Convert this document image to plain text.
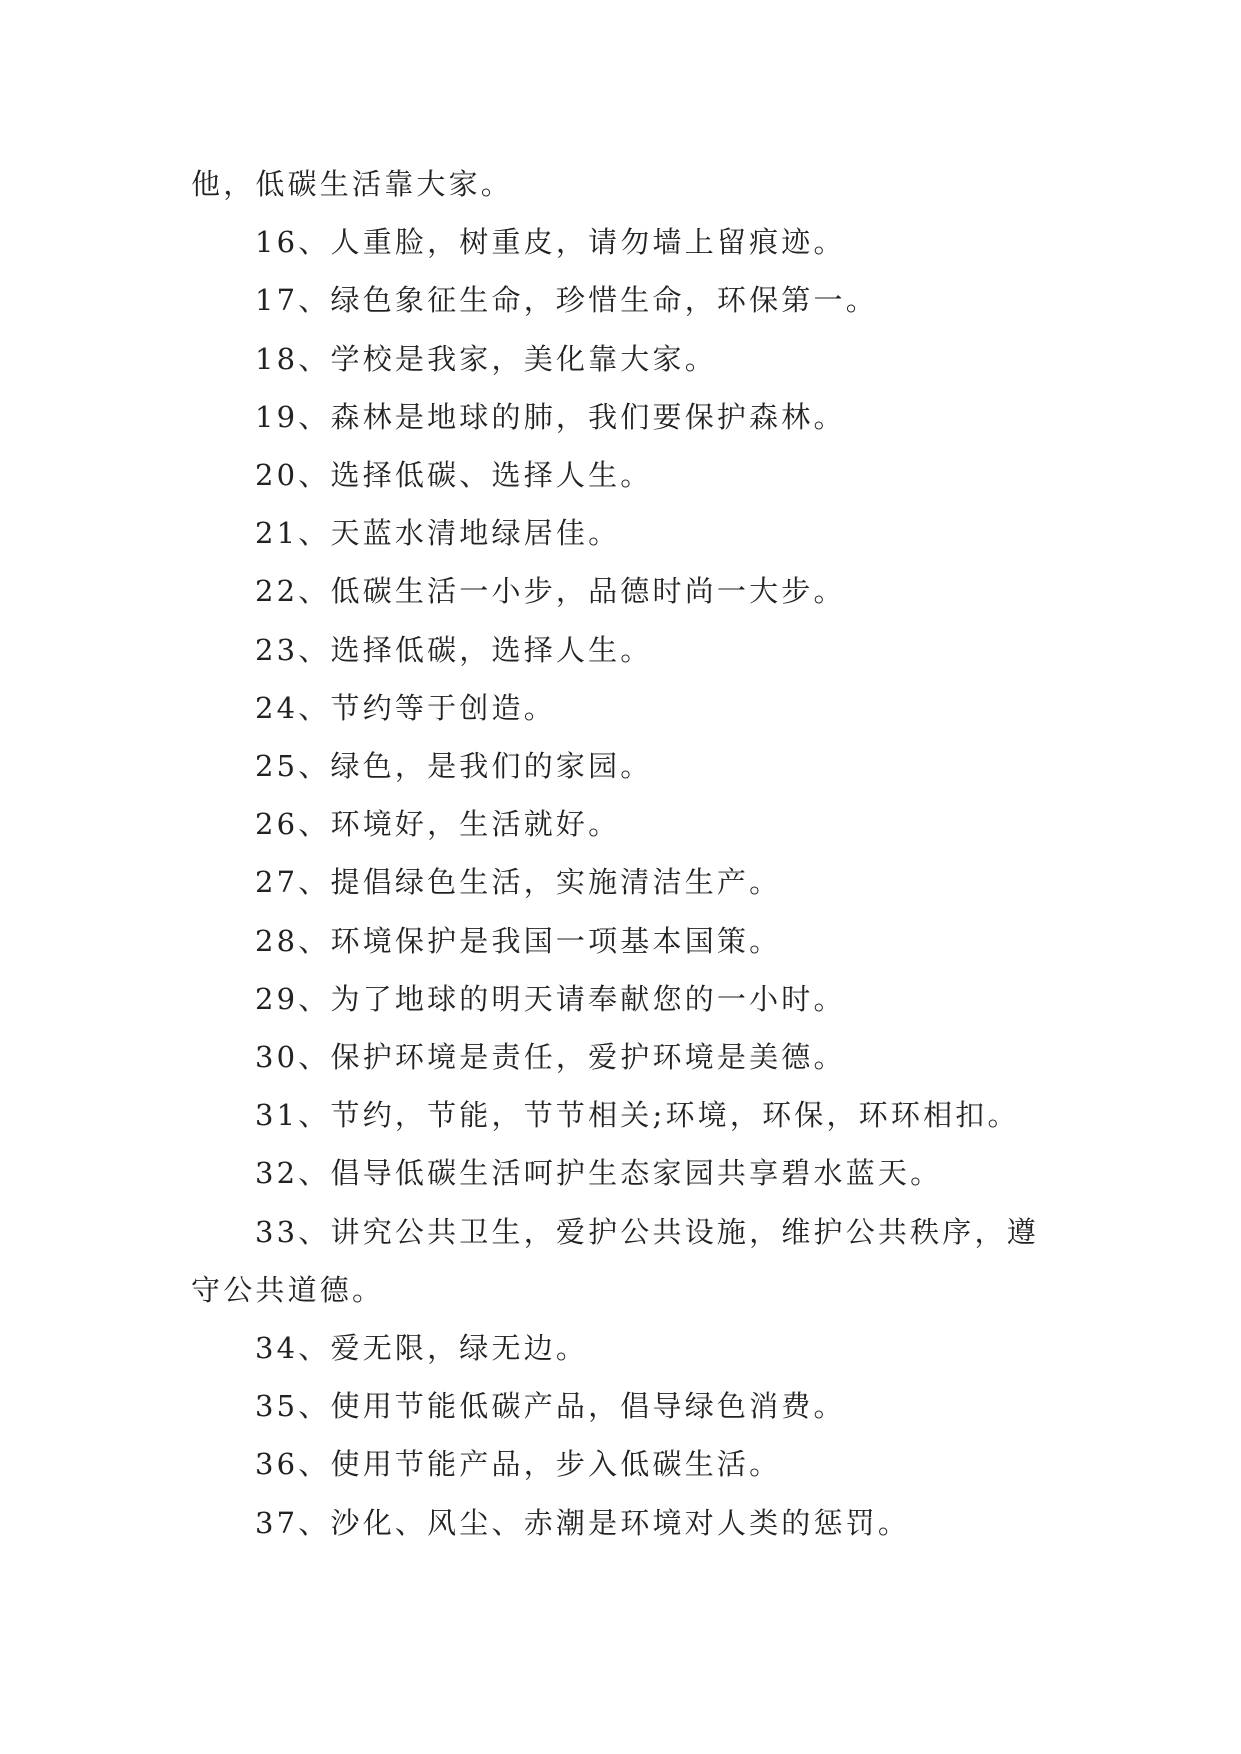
他，低碳生活靠大家。

16、人重脸，树重皮，请勿墙上留痕迹。

17、绿色象征生命，珍惜生命，环保第一。

18、学校是我家，美化靠大家。

19、森林是地球的肺，我们要保护森林。

20、选择低碳、选择人生。

21、天蓝水清地绿居佳。

22、低碳生活一小步，品德时尚一大步。

23、选择低碳，选择人生。

24、节约等于创造。

25、绿色，是我们的家园。

26、环境好，生活就好。

27、提倡绿色生活，实施清洁生产。

28、环境保护是我国一项基本国策。

29、为了地球的明天请奉献您的一小时。

30、保护环境是责任，爱护环境是美德。

31、节约，节能，节节相关;环境，环保，环环相扣。

32、倡导低碳生活呵护生态家园共享碧水蓝天。

33、讲究公共卫生，爱护公共设施，维护公共秩序，遵守公共道德。

34、爱无限，绿无边。

35、使用节能低碳产品，倡导绿色消费。

36、使用节能产品，步入低碳生活。

37、沙化、风尘、赤潮是环境对人类的惩罚。
